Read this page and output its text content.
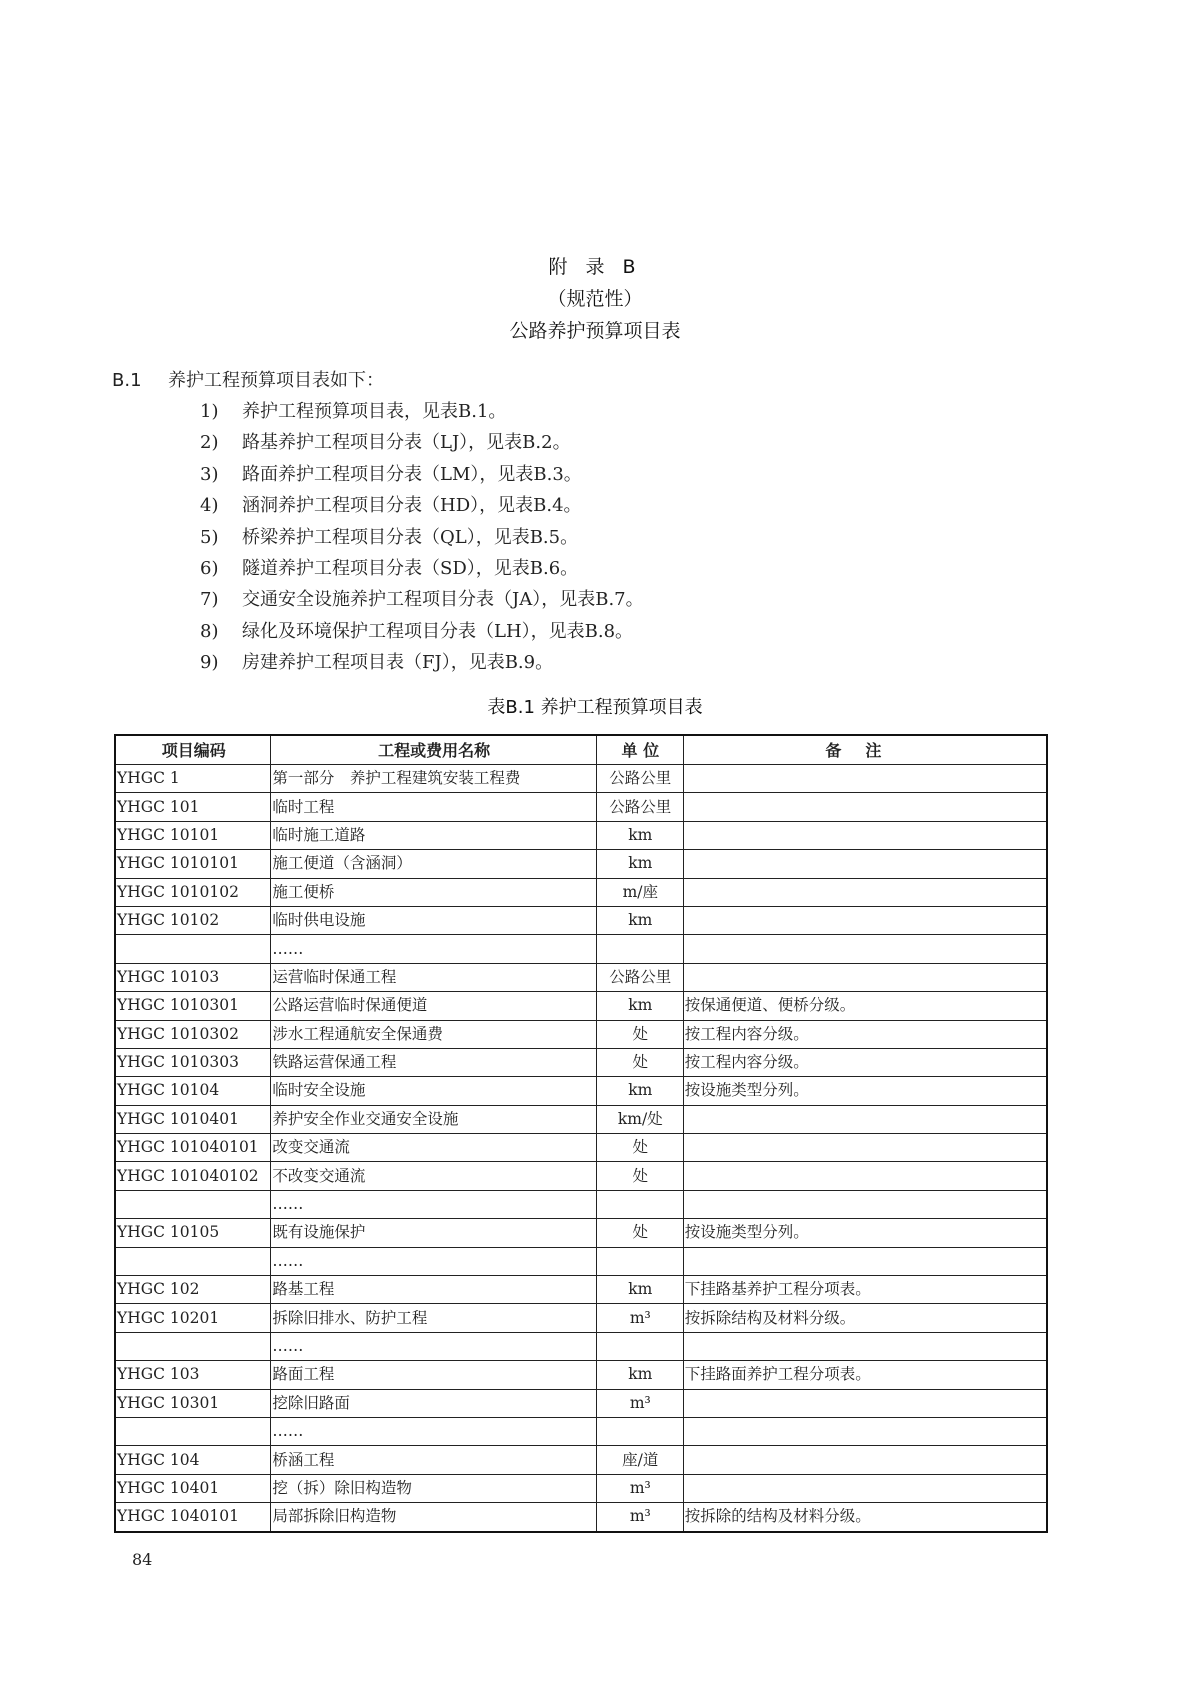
附 录 B
（规范性）
公路养护预算项目表
B.1 养护工程预算项目表如下：
1) 养护工程预算项目表，见表B.1。
2) 路基养护工程项目分表（LJ），见表B.2。
3) 路面养护工程项目分表（LM），见表B.3。
4) 涵洞养护工程项目分表（HD），见表B.4。
5) 桥梁养护工程项目分表（QL），见表B.5。
6) 隧道养护工程项目分表（SD），见表B.6。
7) 交通安全设施养护工程项目分表（JA），见表B.7。
8) 绿化及环境保护工程项目分表（LH），见表B.8。
9) 房建养护工程项目表（FJ），见表B.9。
表B.1 养护工程预算项目表
项目编码	工程或费用名称	单 位	备注
YHGC 1	第一部分　养护工程建筑安装工程费	公路公里	
YHGC 101	临时工程	公路公里	
YHGC 10101	临时施工道路	km	
YHGC 1010101	施工便道（含涵洞）	km	
YHGC 1010102	施工便桥	m/座	
YHGC 10102	临时供电设施	km	
	……		
YHGC 10103	运营临时保通工程	公路公里	
YHGC 1010301	公路运营临时保通便道	km	按保通便道、便桥分级。
YHGC 1010302	涉水工程通航安全保通费	处	按工程内容分级。
YHGC 1010303	铁路运营保通工程	处	按工程内容分级。
YHGC 10104	临时安全设施	km	按设施类型分列。
YHGC 1010401	养护安全作业交通安全设施	km/处	
YHGC 101040101	改变交通流	处	
YHGC 101040102	不改变交通流	处	
	……		
YHGC 10105	既有设施保护	处	按设施类型分列。
	……		
YHGC 102	路基工程	km	下挂路基养护工程分项表。
YHGC 10201	拆除旧排水、防护工程	m³	按拆除结构及材料分级。
	……		
YHGC 103	路面工程	km	下挂路面养护工程分项表。
YHGC 10301	挖除旧路面	m³	
	……		
YHGC 104	桥涵工程	座/道	
YHGC 10401	挖（拆）除旧构造物	m³	
YHGC 1040101	局部拆除旧构造物	m³	按拆除的结构及材料分级。
84
